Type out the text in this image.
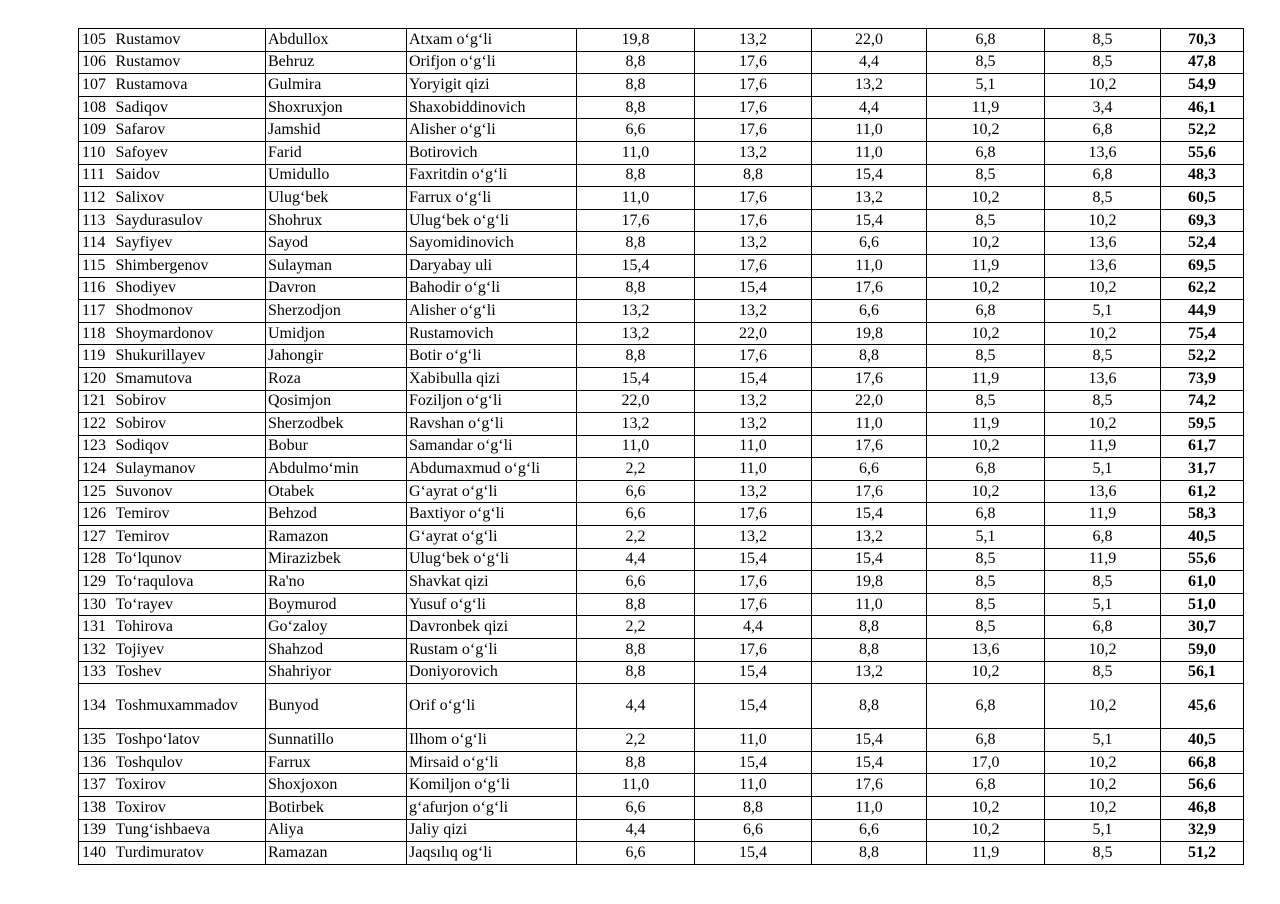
105	Rustamov	Abdullox	Atxam o‘g‘li	19,8	13,2	22,0	6,8	8,5	70,3
106	Rustamov	Behruz	Orifjon o‘g‘li	8,8	17,6	4,4	8,5	8,5	47,8
107	Rustamova	Gulmira	Yoryigit qizi	8,8	17,6	13,2	5,1	10,2	54,9
108	Sadiqov	Shoxruxjon	Shaxobiddinovich	8,8	17,6	4,4	11,9	3,4	46,1
109	Safarov	Jamshid	Alisher o‘g‘li	6,6	17,6	11,0	10,2	6,8	52,2
110	Safoyev	Farid	Botirovich	11,0	13,2	11,0	6,8	13,6	55,6
111	Saidov	Umidullo	Faxritdin o‘g‘li	8,8	8,8	15,4	8,5	6,8	48,3
112	Salixov	Ulug‘bek	Farrux o‘g‘li	11,0	17,6	13,2	10,2	8,5	60,5
113	Saydurasulov	Shohrux	Ulug‘bek o‘g‘li	17,6	17,6	15,4	8,5	10,2	69,3
114	Sayfiyev	Sayod	Sayomidinovich	8,8	13,2	6,6	10,2	13,6	52,4
115	Shimbergenov	Sulayman	Daryabay uli	15,4	17,6	11,0	11,9	13,6	69,5
116	Shodiyev	Davron	Bahodir o‘g‘li	8,8	15,4	17,6	10,2	10,2	62,2
117	Shodmonov	Sherzodjon	Alisher o‘g‘li	13,2	13,2	6,6	6,8	5,1	44,9
118	Shoymardonov	Umidjon	Rustamovich	13,2	22,0	19,8	10,2	10,2	75,4
119	Shukurillayev	Jahongir	Botir o‘g‘li	8,8	17,6	8,8	8,5	8,5	52,2
120	Smamutova	Roza	Xabibulla qizi	15,4	15,4	17,6	11,9	13,6	73,9
121	Sobirov	Qosimjon	Foziljon o‘g‘li	22,0	13,2	22,0	8,5	8,5	74,2
122	Sobirov	Sherzodbek	Ravshan o‘g‘li	13,2	13,2	11,0	11,9	10,2	59,5
123	Sodiqov	Bobur	Samandar o‘g‘li	11,0	11,0	17,6	10,2	11,9	61,7
124	Sulaymanov	Abdulmo‘min	Abdumaxmud o‘g‘li	2,2	11,0	6,6	6,8	5,1	31,7
125	Suvonov	Otabek	G‘ayrat o‘g‘li	6,6	13,2	17,6	10,2	13,6	61,2
126	Temirov	Behzod	Baxtiyor o‘g‘li	6,6	17,6	15,4	6,8	11,9	58,3
127	Temirov	Ramazon	G‘ayrat o‘g‘li	2,2	13,2	13,2	5,1	6,8	40,5
128	To‘lqunov	Mirazizbek	Ulug‘bek o‘g‘li	4,4	15,4	15,4	8,5	11,9	55,6
129	To‘raqulova	Ra'no	Shavkat qizi	6,6	17,6	19,8	8,5	8,5	61,0
130	To‘rayev	Boymurod	Yusuf o‘g‘li	8,8	17,6	11,0	8,5	5,1	51,0
131	Tohirova	Go‘zaloy	Davronbek qizi	2,2	4,4	8,8	8,5	6,8	30,7
132	Tojiyev	Shahzod	Rustam o‘g‘li	8,8	17,6	8,8	13,6	10,2	59,0
133	Toshev	Shahriyor	Doniyorovich	8,8	15,4	13,2	10,2	8,5	56,1
134	Toshmuxammadov	Bunyod	Orif o‘g‘li	4,4	15,4	8,8	6,8	10,2	45,6
135	Toshpo‘latov	Sunnatillo	Ilhom o‘g‘li	2,2	11,0	15,4	6,8	5,1	40,5
136	Toshqulov	Farrux	Mirsaid o‘g‘li	8,8	15,4	15,4	17,0	10,2	66,8
137	Toxirov	Shoxjoxon	Komiljon o‘g‘li	11,0	11,0	17,6	6,8	10,2	56,6
138	Toxirov	Botirbek	g‘afurjon o‘g‘li	6,6	8,8	11,0	10,2	10,2	46,8
139	Tung‘ishbaeva	Aliya	Jaliy qizi	4,4	6,6	6,6	10,2	5,1	32,9
140	Turdimuratov	Ramazan	Jaqsılıq og‘li	6,6	15,4	8,8	11,9	8,5	51,2
